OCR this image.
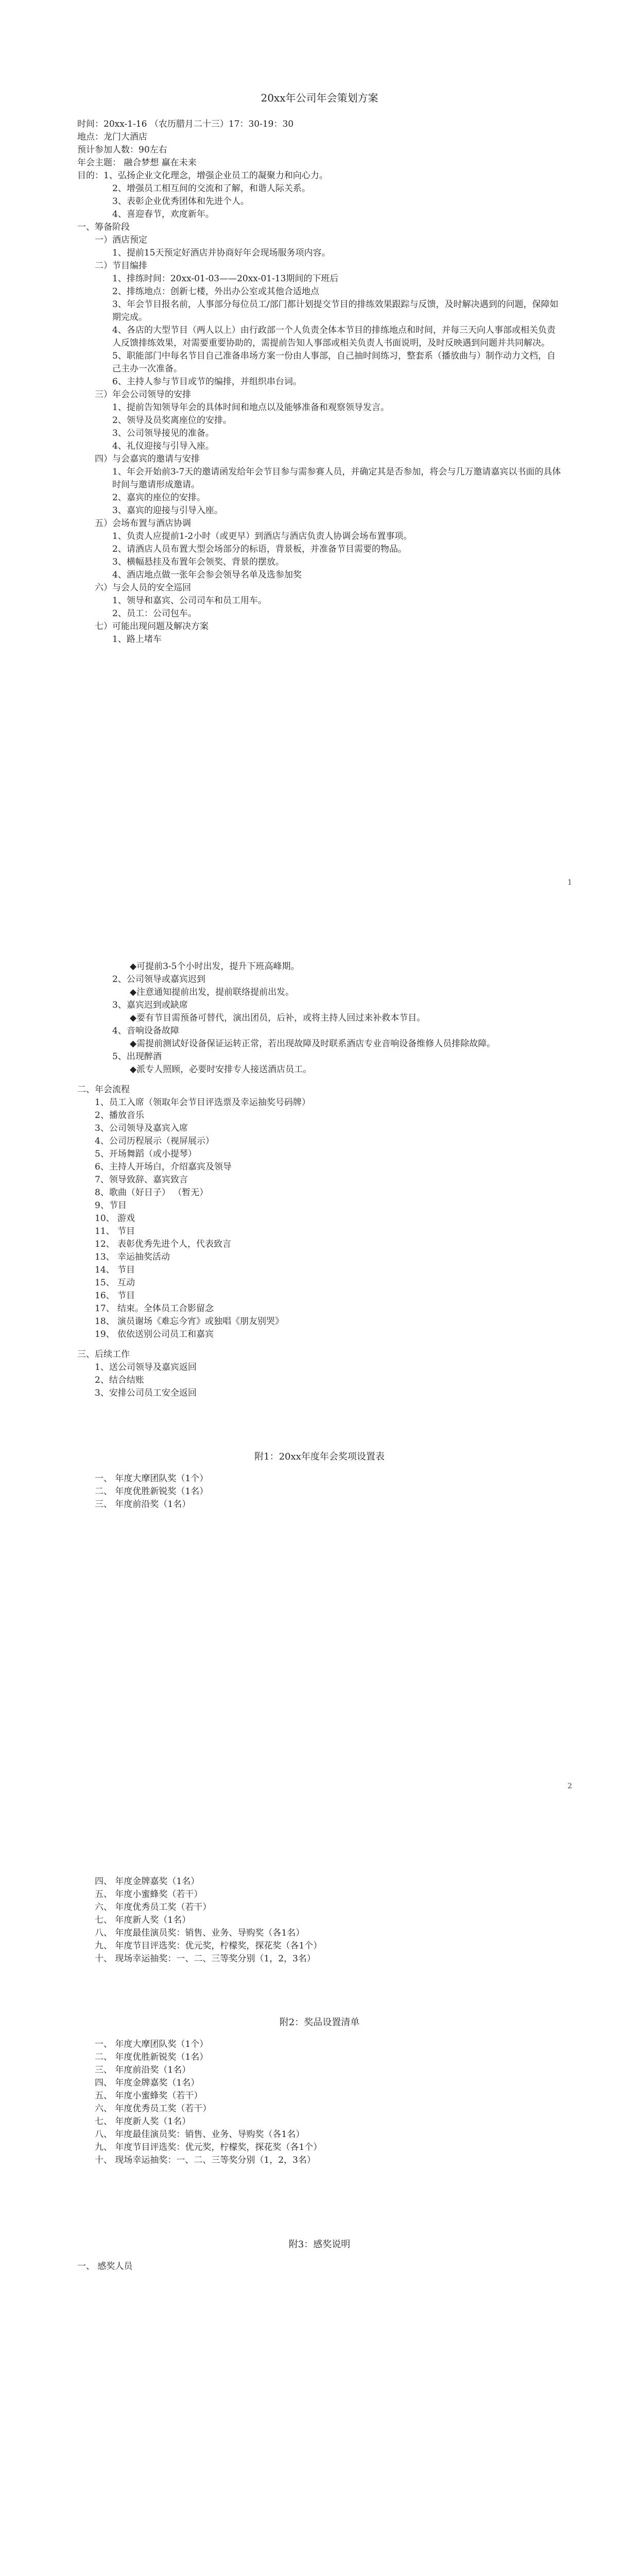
20xx年公司年会策划方案
时间：20xx-1-16 （农历腊月二十三）17：30-19：30
地点：龙门大酒店
预计参加人数：90左右
年会主题： 融合梦想 赢在未来
目的：1、弘扬企业文化理念，增强企业员工的凝聚力和向心力。
2、增强员工相互间的交流和了解，和谐人际关系。
3、表彰企业优秀团体和先进个人。
4、喜迎春节，欢度新年。
一、筹备阶段
一）酒店预定
1、提前15天预定好酒店并协商好年会现场服务项内容。
二）节目编排
1、排练时间：20xx-01-03——20xx-01-13期间的下班后
2、排练地点：创新七楼，外出办公室或其他合适地点
3、年会节目报名前，人事部分每位员工/部门都计划提交节目的排练效果跟踪与反馈，及时解决遇到的问题，保障如期完成。
4、各店的大型节目（两人以上）由行政部一个人负责全体本节目的排练地点和时间，并每三天向人事部或相关负责人反馈排练效果，对需要重要协助的，需提前告知人事部或相关负责人书面说明，及时反映遇到问题并共同解决。
5、职能部门中每名节目自己准备串场方案一份由人事部，自己抽时间练习，整套系（播放曲与）制作动力文档，自己主办一次准备。
6、主持人参与节目或节的编排，并组织串台词。
三）年会公司领导的安排
1、提前告知领导年会的具体时间和地点以及能够准备和观察领导发言。
2、领导及员奖离座位的安排。
3、公司领导接见的准备。
4、礼仪迎接与引导入座。
四）与会嘉宾的邀请与安排
1、年会开始前3-7天的邀请函发给年会节目参与需参赛人员，并确定其是否参加，将会与几万邀请嘉宾以书面的具体时间与邀请形成邀请。
2、嘉宾的座位的安排。
3、嘉宾的迎接与引导入座。
五）会场布置与酒店协调
1、负责人应提前1-2小时（或更早）到酒店与酒店负责人协调会场布置事项。
2、请酒店人员布置大型会场部分的标语，背景板，并准备节目需要的物品。
3、横幅悬挂及布置年会领奖、背景的摆放。
4、酒店地点做一张年会参会领导名单及选参加奖
六）与会人员的安全巡回
1、领导和嘉宾、公司司车和员工用车。
2、员工：公司包车。
七）可能出现问题及解决方案
1、路上堵车
1
◆可提前3-5个小时出发，提升下班高峰期。
2、公司领导或嘉宾迟到
◆注意通知提前出发，提前联络提前出发。
3、嘉宾迟到或缺席
◆要有节目需预备可替代，演出团员，后补，或将主持人回过来补救本节目。
4、音响设备故障
◆需提前测试好设备保证运转正常，若出现故障及时联系酒店专业音响设备维修人员排除故障。
5、出现醉酒
◆派专人照顾，必要时安排专人接送酒店员工。
二、年会流程
1、员工入席（领取年会节目评选票及幸运抽奖号码牌）
2、播放音乐
3、公司领导及嘉宾入席
4、公司历程展示（视屏展示）
5、开场舞蹈（或小提琴）
6、主持人开场白，介绍嘉宾及领导
7、领导致辞、嘉宾致言
8、歌曲（好日子） （暂无）
9、节目
10、 游戏
11、 节目
12、 表彰优秀先进个人，代表致言
13、 幸运抽奖活动
14、 节目
15、 互动
16、 节目
17、 结束。全体员工合影留念
18、 演员谢场《难忘今宵》或独唱《朋友别哭》
19、 依依送别公司员工和嘉宾
三、后续工作
1、送公司领导及嘉宾返回
2、结合结账
3、安排公司员工安全返回
附1：20xx年度年会奖项设置表
一、 年度大摩团队奖（1个）
二、 年度优胜新锐奖（1名）
三、 年度前沿奖（1名）
2
四、 年度金牌嘉奖（1名）
五、 年度小蜜蜂奖（若干）
六、 年度优秀员工奖（若干）
七、 年度新人奖（1名）
八、 年度最佳演员奖：销售、业务、导购奖（各1名）
九、 年度节目评选奖：优元奖，柠檬奖，探花奖（各1个）
十、 现场幸运抽奖：一、二、三等奖分别（1，2，3名）
附2：奖品设置清单
一、 年度大摩团队奖（1个）
二、 年度优胜新锐奖（1名）
三、 年度前沿奖（1名）
四、 年度金牌嘉奖（1名）
五、 年度小蜜蜂奖（若干）
六、 年度优秀员工奖（若干）
七、 年度新人奖（1名）
八、 年度最佳演员奖：销售、业务、导购奖（各1名）
九、 年度节目评选奖：优元奖，柠檬奖，探花奖（各1个）
十、 现场幸运抽奖：一、二、三等奖分别（1，2，3名）
附3：感奖说明
一、 感奖人员
